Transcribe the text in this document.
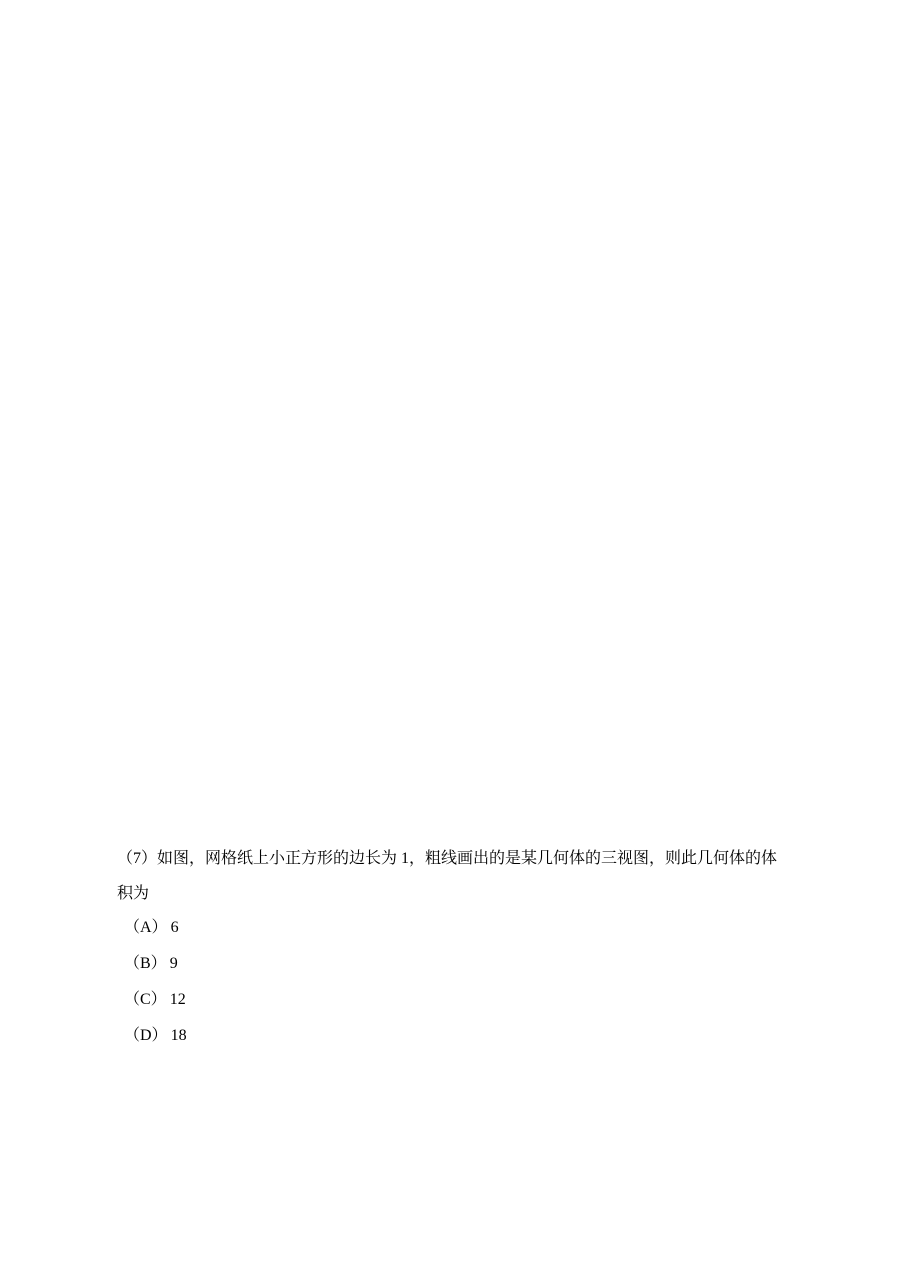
（7）如图，网格纸上小正方形的边长为 1，粗线画出的是某几何体的三视图，则此几何体的体
积为
（A） 6
（B） 9
（C） 12
（D） 18
